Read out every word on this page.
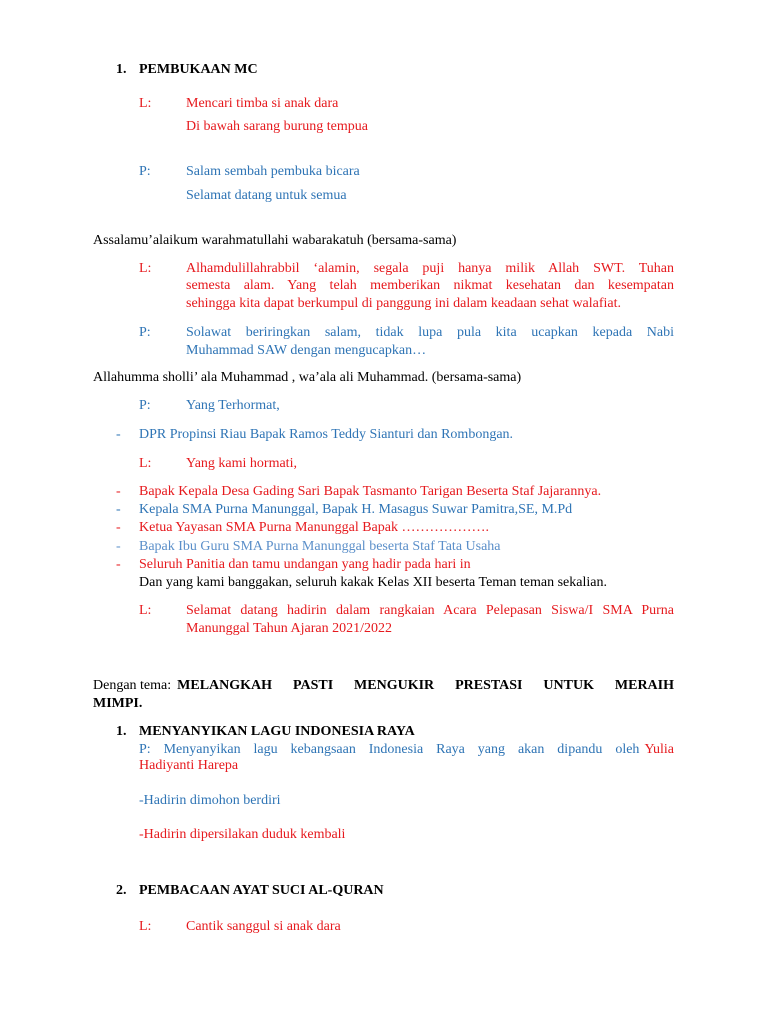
1. PEMBUKAAN MC
L: Mencari timba si anak dara
Di bawah sarang burung tempua
P:	Salam sembah pembuka bicara
Selamat datang untuk semua
Assalamu’alaikum warahmatullahi wabarakatuh (bersama-sama)
L: Alhamdulillahrabbil ‘alamin, segala puji hanya milik Allah SWT. Tuhan
semesta alam. Yang telah memberikan nikmat kesehatan dan kesempatan
sehingga kita dapat berkumpul di panggung ini dalam keadaan sehat walafiat.
P:	Solawat beriringkan salam, tidak lupa pula kita ucapkan kepada Nabi
Muhammad SAW dengan mengucapkan…
Allahumma sholli’ ala Muhammad , wa’ala ali Muhammad. (bersama-sama)
P:	Yang Terhormat,
- DPR Propinsi Riau Bapak Ramos Teddy Sianturi dan Rombongan.
L: Yang kami hormati,
- Bapak Kepala Desa Gading Sari Bapak Tasmanto Tarigan Beserta Staf Jajarannya.
- Kepala SMA Purna Manunggal, Bapak H. Masagus Suwar Pamitra,SE, M.Pd
- Ketua Yayasan SMA Purna Manunggal Bapak ……………….
- Bapak Ibu Guru SMA Purna Manunggal beserta Staf Tata Usaha
- Seluruh Panitia dan tamu undangan yang hadir pada hari in
Dan yang kami banggakan, seluruh kakak Kelas XII beserta Teman teman sekalian.
L: Selamat datang hadirin dalam rangkaian Acara Pelepasan Siswa/I SMA Purna
Manunggal Tahun Ajaran 2021/2022
Dengan tema: MELANGKAH PASTI MENGUKIR PRESTASI UNTUK MERAIH
MIMPI.
1. MENYANYIKAN LAGU INDONESIA RAYA
P: Menyanyikan lagu kebangsaan Indonesia Raya yang akan dipandu oleh Yulia
Hadiyanti Harepa
-Hadirin dimohon berdiri
-Hadirin dipersilakan duduk kembali
2. PEMBACAAN AYAT SUCI AL-QURAN
L: Cantik sanggul si anak dara
